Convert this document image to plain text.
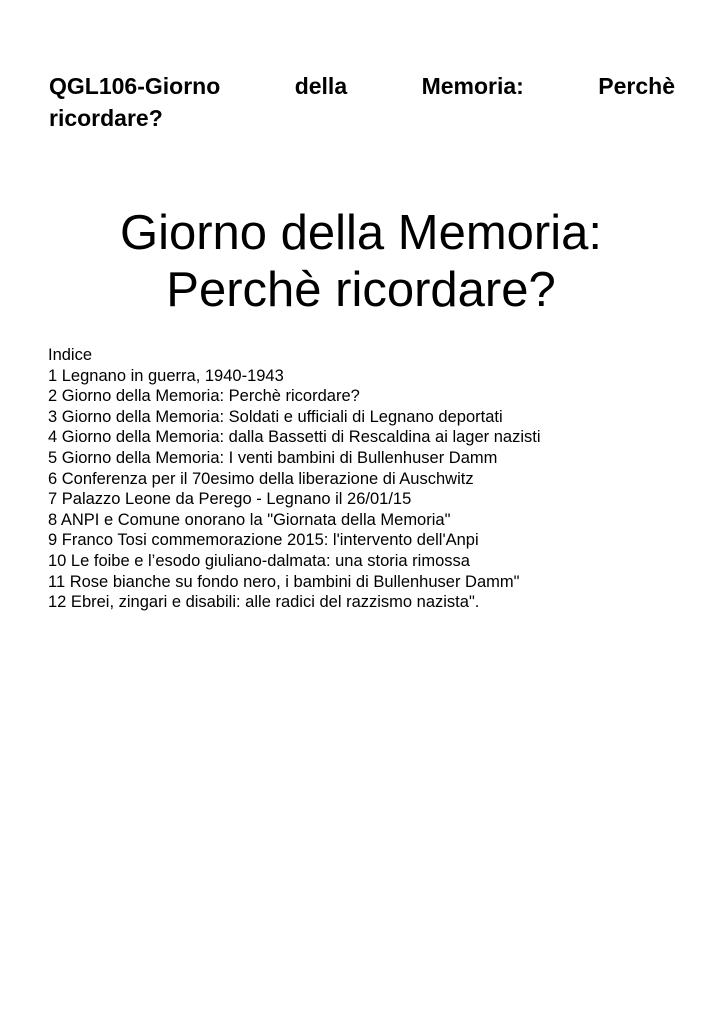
QGL106-Giorno	della	Memoria:	Perchè
ricordare?
Giorno della Memoria:
Perchè ricordare?

Indice

1 Legnano in guerra, 1940-1943
2 Giorno della Memoria: Perchè ricordare?
3 Giorno della Memoria: Soldati e ufficiali di Legnano deportati
4 Giorno della Memoria: dalla Bassetti di Rescaldina ai lager nazisti
5 Giorno della Memoria: I venti bambini di Bullenhuser Damm
6 Conferenza per il 70esimo della liberazione di Auschwitz
7 Palazzo Leone da Perego - Legnano il 26/01/15
8 ANPI e Comune onorano la "Giornata della Memoria"
9 Franco Tosi commemorazione 2015: l'intervento dell'Anpi
10 Le foibe e l’esodo giuliano-dalmata: una storia rimossa
11 Rose bianche su fondo nero, i bambini di Bullenhuser Damm"
12 Ebrei, zingari e disabili: alle radici del razzismo nazista".
